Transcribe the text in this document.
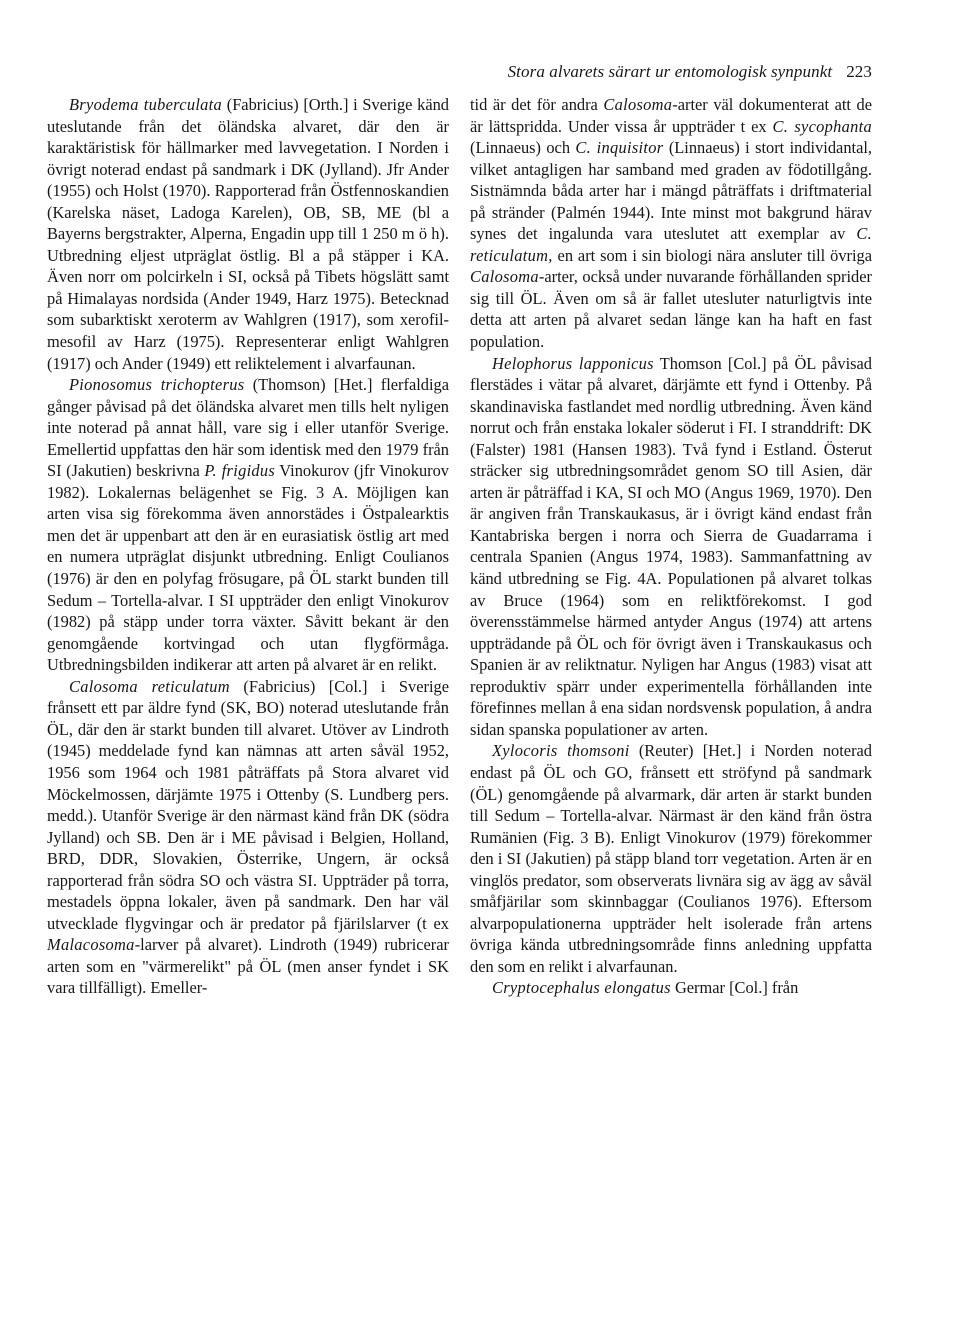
Stora alvarets särart ur entomologisk synpunkt 223

Bryodema tuberculata (Fabricius) [Orth.] i Sverige känd uteslutande från det öländska alvaret, där den är karaktäristisk för hällmarker med lavvegetation. I Norden i övrigt noterad endast på sandmark i DK (Jylland). Jfr Ander (1955) och Holst (1970). Rapporterad från Östfennoskandien (Karelska näset, Ladoga Karelen), OB, SB, ME (bl a Bayerns bergstrakter, Alperna, Engadin upp till 1 250 m ö h). Utbredning eljest utpräglat östlig. Bl a på stäpper i KA. Även norr om polcirkeln i SI, också på Tibets högslätt samt på Himalayas nordsida (Ander 1949, Harz 1975). Betecknad som subarktiskt xeroterm av Wahlgren (1917), som xerofil-mesofil av Harz (1975). Representerar enligt Wahlgren (1917) och Ander (1949) ett reliktelement i alvarfaunan.

Pionosomus trichopterus (Thomson) [Het.] flerfaldiga gånger påvisad på det öländska alvaret men tills helt nyligen inte noterad på annat håll, vare sig i eller utanför Sverige. Emellertid uppfattas den här som identisk med den 1979 från SI (Jakutien) beskrivna P. frigidus Vinokurov (jfr Vinokurov 1982). Lokalernas belägenhet se Fig. 3 A. Möjligen kan arten visa sig förekomma även annorstädes i Östpalearktis men det är uppenbart att den är en eurasiatisk östlig art med en numera utpräglat disjunkt utbredning. Enligt Coulianos (1976) är den en polyfag frösugare, på ÖL starkt bunden till Sedum – Tortella-alvar. I SI uppträder den enligt Vinokurov (1982) på stäpp under torra växter. Såvitt bekant är den genomgående kortvingad och utan flygförmåga. Utbredningsbilden indikerar att arten på alvaret är en relikt.

Calosoma reticulatum (Fabricius) [Col.] i Sverige frånsett ett par äldre fynd (SK, BO) noterad uteslutande från ÖL, där den är starkt bunden till alvaret. Utöver av Lindroth (1945) meddelade fynd kan nämnas att arten såväl 1952, 1956 som 1964 och 1981 påträffats på Stora alvaret vid Möckelmossen, därjämte 1975 i Ottenby (S. Lundberg pers. medd.). Utanför Sverige är den närmast känd från DK (södra Jylland) och SB. Den är i ME påvisad i Belgien, Holland, BRD, DDR, Slovakien, Österrike, Ungern, är också rapporterad från södra SO och västra SI. Uppträder på torra, mestadels öppna lokaler, även på sandmark. Den har väl utvecklade flygvingar och är predator på fjärilslarver (t ex Malacosoma-larver på alvaret). Lindroth (1949) rubricerar arten som en "värmerelikt" på ÖL (men anser fyndet i SK vara tillfälligt). Emeller-

tid är det för andra Calosoma-arter väl dokumenterat att de är lättspridda. Under vissa år uppträder t ex C. sycophanta (Linnaeus) och C. inquisitor (Linnaeus) i stort individantal, vilket antagligen har samband med graden av födotillgång. Sistnämnda båda arter har i mängd påträffats i driftmaterial på stränder (Palmén 1944). Inte minst mot bakgrund härav synes det ingalunda vara uteslutet att exemplar av C. reticulatum, en art som i sin biologi nära ansluter till övriga Calosoma-arter, också under nuvarande förhållanden sprider sig till ÖL. Även om så är fallet utesluter naturligtvis inte detta att arten på alvaret sedan länge kan ha haft en fast population.

Helophorus lapponicus Thomson [Col.] på ÖL påvisad flerstädes i vätar på alvaret, därjämte ett fynd i Ottenby. På skandinaviska fastlandet med nordlig utbredning. Även känd norrut och från enstaka lokaler söderut i FI. I stranddrift: DK (Falster) 1981 (Hansen 1983). Två fynd i Estland. Österut sträcker sig utbredningsområdet genom SO till Asien, där arten är påträffad i KA, SI och MO (Angus 1969, 1970). Den är angiven från Transkaukasus, är i övrigt känd endast från Kantabriska bergen i norra och Sierra de Guadarrama i centrala Spanien (Angus 1974, 1983). Sammanfattning av känd utbredning se Fig. 4A. Populationen på alvaret tolkas av Bruce (1964) som en reliktförekomst. I god överensstämmelse härmed antyder Angus (1974) att artens uppträdande på ÖL och för övrigt även i Transkaukasus och Spanien är av reliktnatur. Nyligen har Angus (1983) visat att reproduktiv spärr under experimentella förhållanden inte förefinnes mellan å ena sidan nordsvensk population, å andra sidan spanska populationer av arten.

Xylocoris thomsoni (Reuter) [Het.] i Norden noterad endast på ÖL och GO, frånsett ett ströfynd på sandmark (ÖL) genomgående på alvarmark, där arten är starkt bunden till Sedum – Tortella-alvar. Närmast är den känd från östra Rumänien (Fig. 3 B). Enligt Vinokurov (1979) förekommer den i SI (Jakutien) på stäpp bland torr vegetation. Arten är en vinglös predator, som observerats livnära sig av ägg av såväl småfjärilar som skinnbaggar (Coulianos 1976). Eftersom alvarpopulationerna uppträder helt isolerade från artens övriga kända utbredningsområde finns anledning uppfatta den som en relikt i alvarfaunan.

Cryptocephalus elongatus Germar [Col.] från
